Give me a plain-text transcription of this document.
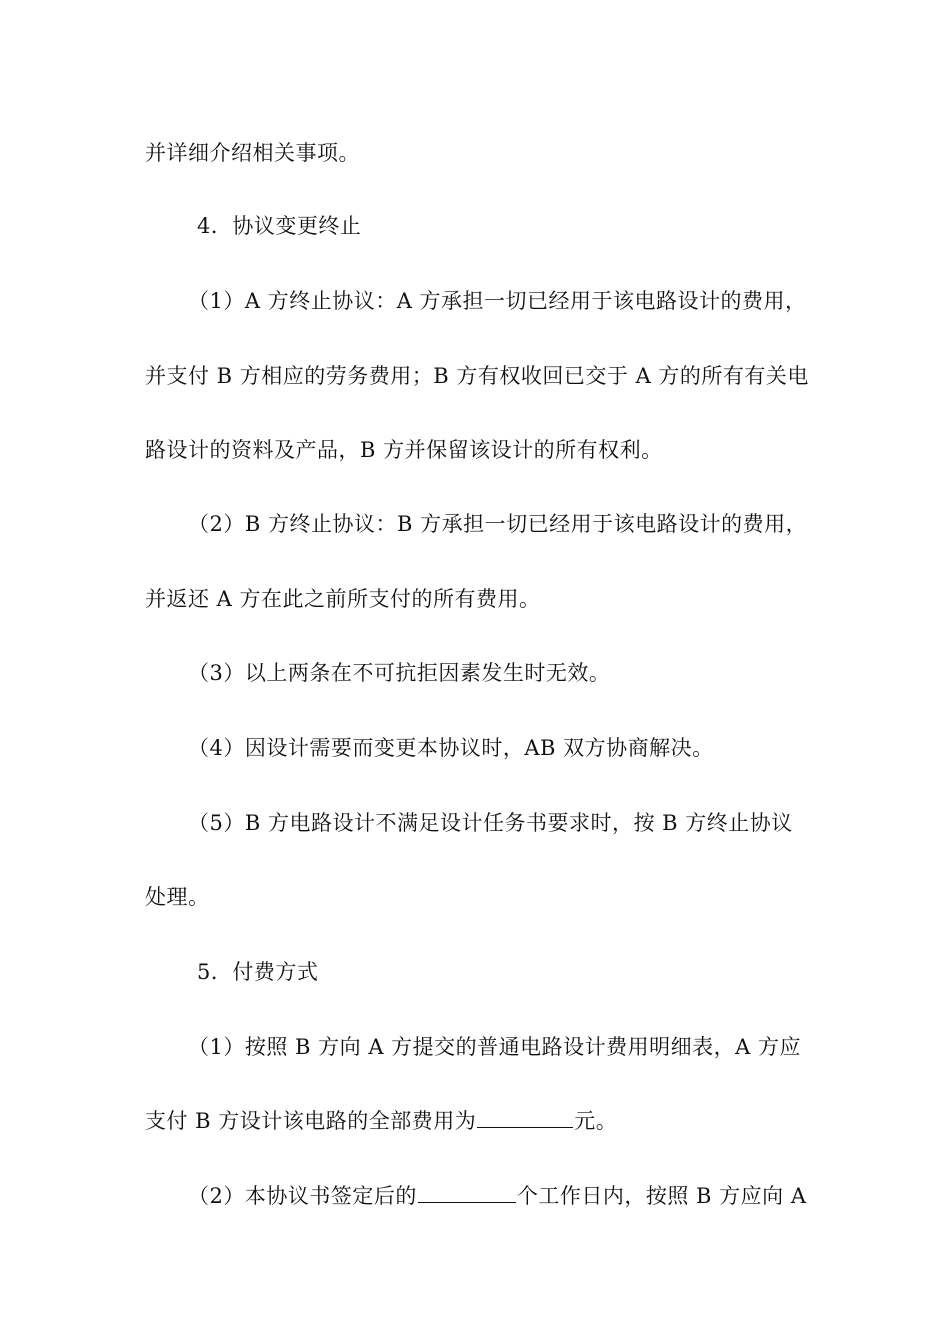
并详细介绍相关事项。
4．协议变更终止
（1）A 方终止协议：A 方承担一切已经用于该电路设计的费用，
并支付 B 方相应的劳务费用；B 方有权收回已交于 A 方的所有有关电
路设计的资料及产品，B 方并保留该设计的所有权利。
（2）B 方终止协议：B 方承担一切已经用于该电路设计的费用，
并返还 A 方在此之前所支付的所有费用。
（3）以上两条在不可抗拒因素发生时无效。
（4）因设计需要而变更本协议时，AB 双方协商解决。
（5）B 方电路设计不满足设计任务书要求时，按 B 方终止协议
处理。
5．付费方式
（1）按照 B 方向 A 方提交的普通电路设计费用明细表，A 方应
支付 B 方设计该电路的全部费用为	元。
（2）本协议书签定后的	个工作日内，按照 B 方应向 A
